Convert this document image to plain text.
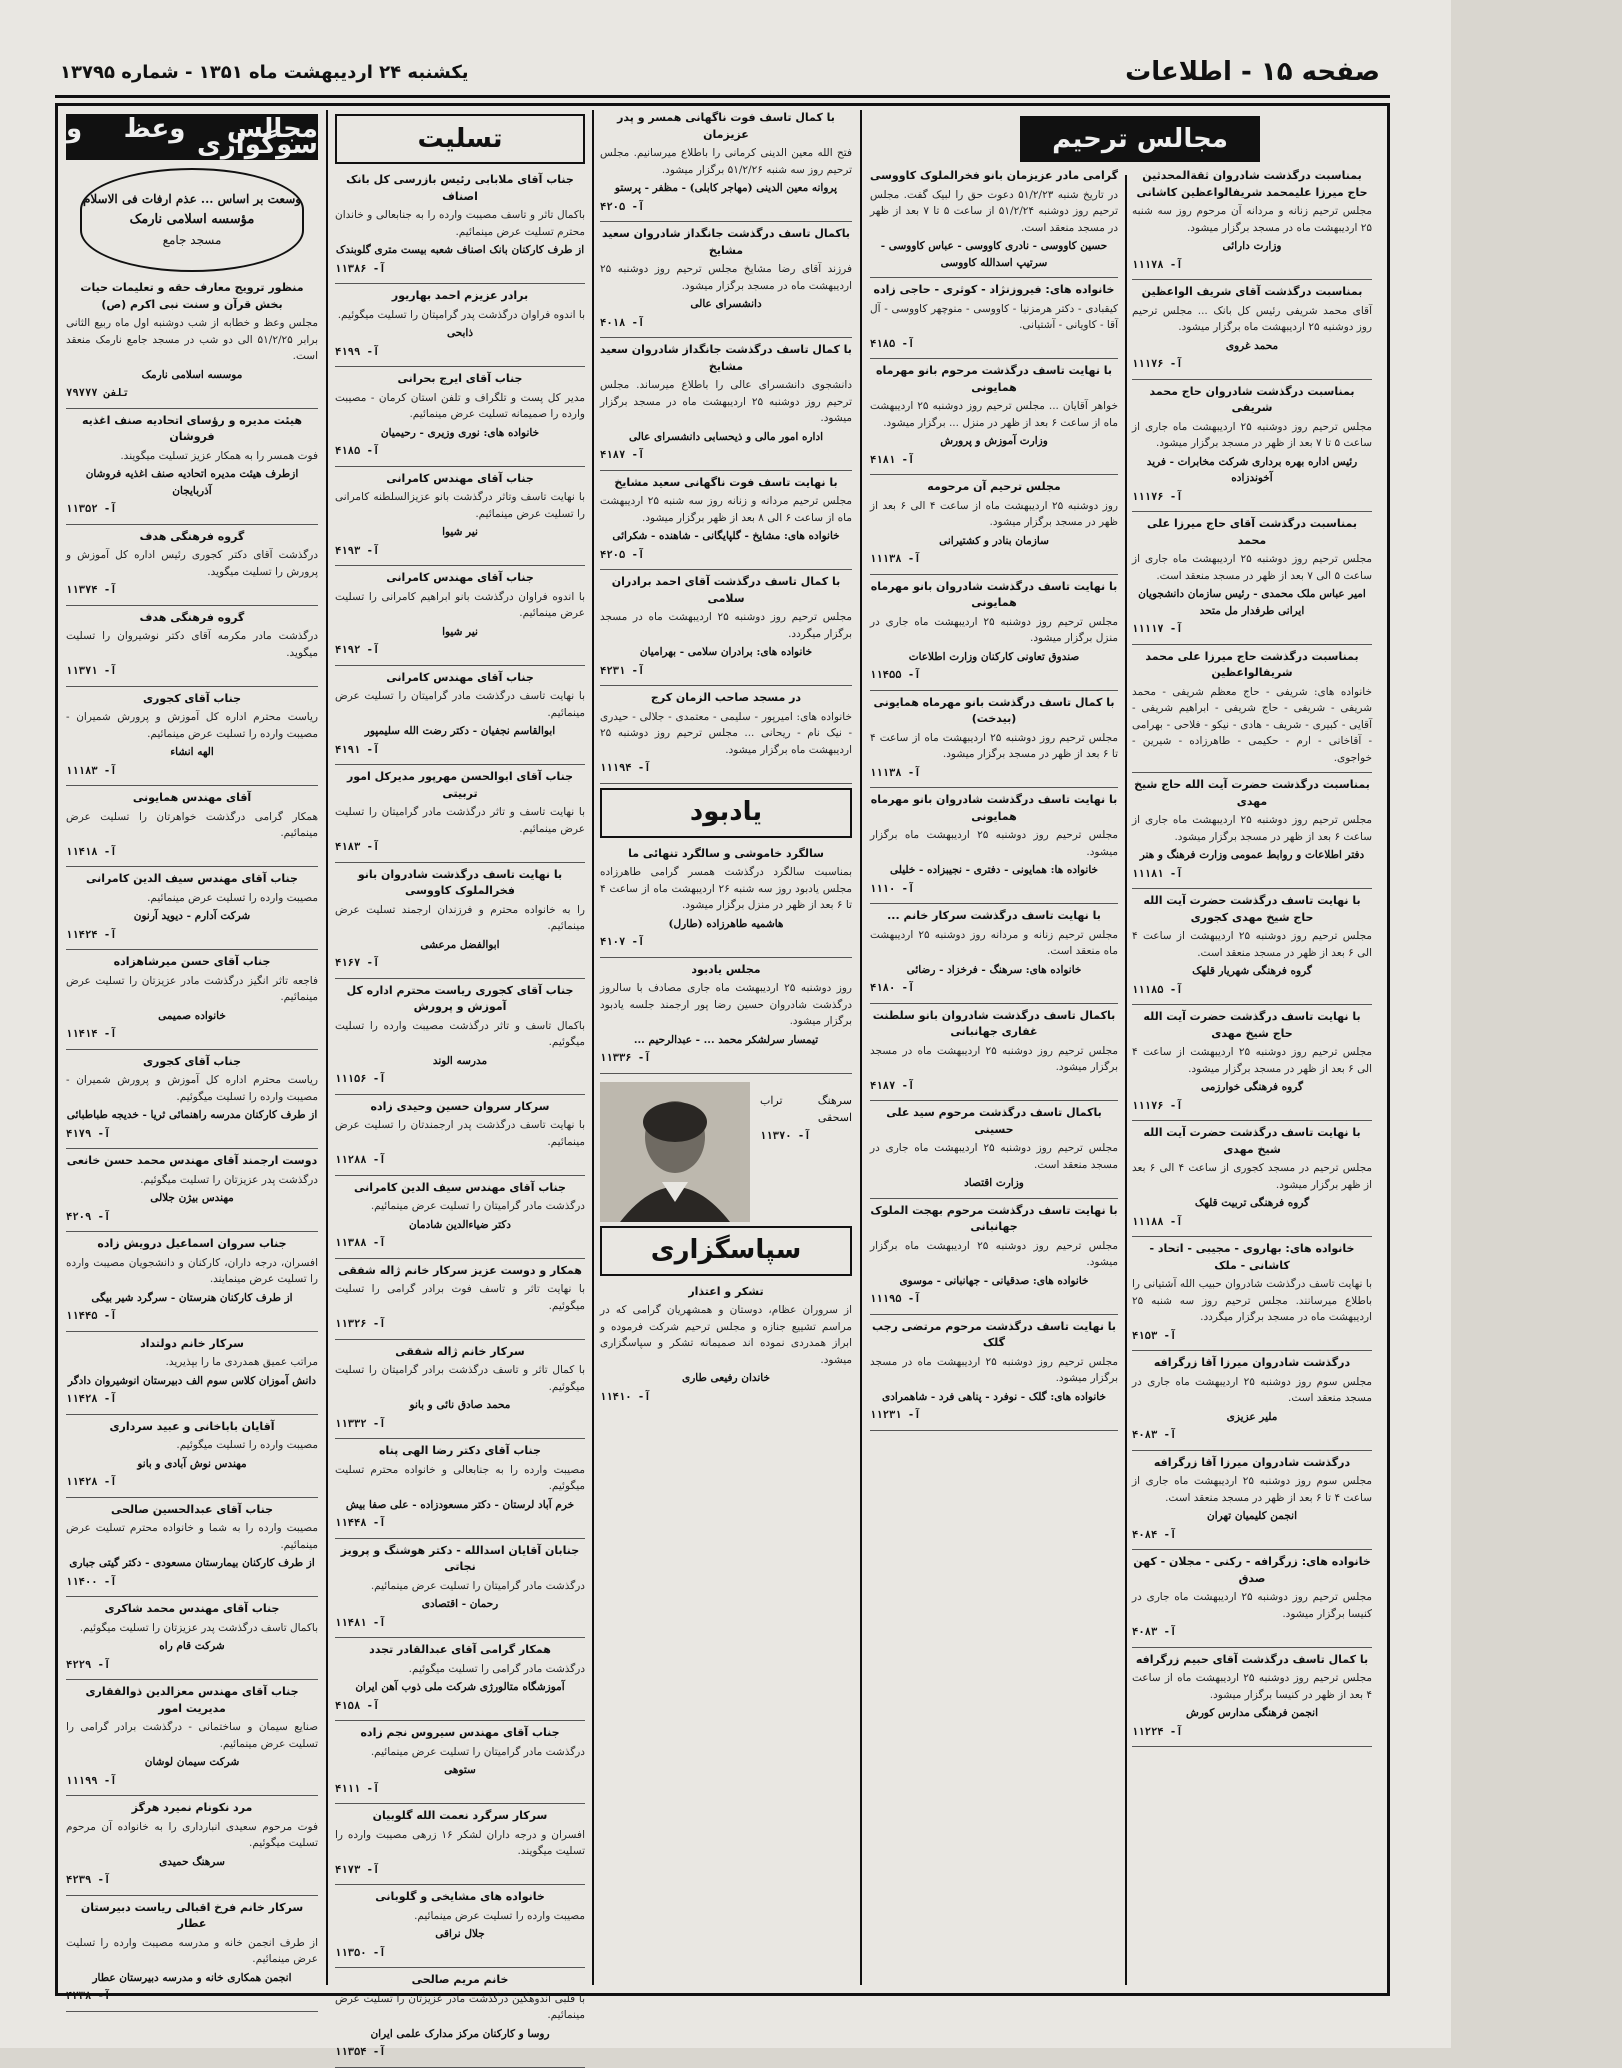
صفحه ۱۵ - اطلاعات
یکشنبه ۲۴ اردیبهشت ماه ۱۳۵۱ - شماره ۱۳۷۹۵
بمناسبت درگذشت شادروان ثقةالمحدثین حاج میرزا علیمحمد شریفالواعظین کاشانی
مجلس ترحیم زنانه و مردانه آن مرحوم روز سه شنبه ۲۵ اردیبهشت ماه در مسجد برگزار میشود.
وزارت دارائی
آ- ۱۱۱۷۸
بمناسبت درگذشت آقای شریف الواعظین
آقای محمد شریفی رئیس کل بانک ... مجلس ترحیم روز دوشنبه ۲۵ اردیبهشت ماه برگزار میشود.
محمد غروی
آ- ۱۱۱۷۶
بمناسبت درگذشت شادروان حاج محمد شریفی
مجلس ترحیم روز دوشنبه ۲۵ اردیبهشت ماه جاری از ساعت ۵ تا ۷ بعد از ظهر در مسجد برگزار میشود.
رئیس اداره بهره برداری شرکت مخابرات - فرید آخوندزاده
آ- ۱۱۱۷۶
بمناسبت درگذشت آقای حاج میرزا علی محمد
مجلس ترحیم روز دوشنبه ۲۵ اردیبهشت ماه جاری از ساعت ۵ الی ۷ بعد از ظهر در مسجد منعقد است.
امیر عباس ملک محمدی - رئیس سازمان دانشجویان ایرانی طرفدار مل متحد
آ- ۱۱۱۱۷
بمناسبت درگذشت حاج میرزا علی محمد شریفالواعظین
خانواده های: شریفی - حاج معظم شریفی - محمد شریفی - شریفی - حاج شریفی - ابراهیم شریفی - آقایی - کبیری - شریف - هادی - نیکو - فلاحی - بهرامی - آقاخانی - ارم - حکیمی - طاهرزاده - شیرین - خواجوی.
بمناسبت درگذشت حضرت آیت الله حاج شیخ مهدی
مجلس ترحیم روز دوشنبه ۲۵ اردیبهشت ماه جاری از ساعت ۶ بعد از ظهر در مسجد برگزار میشود.
دفتر اطلاعات و روابط عمومی وزارت فرهنگ و هنر
آ- ۱۱۱۸۱
با نهایت تاسف درگذشت حضرت آیت الله حاج شیخ مهدی کجوری
مجلس ترحیم روز دوشنبه ۲۵ اردیبهشت از ساعت ۴ الی ۶ بعد از ظهر در مسجد منعقد است.
گروه فرهنگی شهریار قلهک
آ- ۱۱۱۸۵
با نهایت تاسف درگذشت حضرت آیت الله حاج شیخ مهدی
مجلس ترحیم روز دوشنبه ۲۵ اردیبهشت از ساعت ۴ الی ۶ بعد از ظهر در مسجد برگزار میشود.
گروه فرهنگی خوارزمی
آ- ۱۱۱۷۶
با نهایت تاسف درگذشت حضرت آیت الله شیخ مهدی
مجلس ترحیم در مسجد کجوری از ساعت ۴ الی ۶ بعد از ظهر برگزار میشود.
گروه فرهنگی تربیت قلهک
آ- ۱۱۱۸۸
خانواده های: بهاروی - مجیبی - اتحاد - کاشانی - ملک
با نهایت تاسف درگذشت شادروان حبیب الله آشتیانی را باطلاع میرسانند. مجلس ترحیم روز سه شنبه ۲۵ اردیبهشت ماه در مسجد برگزار میگردد.
آ- ۴۱۵۳
درگذشت شادروان میرزا آقا زرگرافه
مجلس سوم روز دوشنبه ۲۵ اردیبهشت ماه جاری در مسجد منعقد است.
ملیر عزیزی
آ- ۴۰۸۳
درگذشت شادروان میرزا آقا زرگرافه
مجلس سوم روز دوشنبه ۲۵ اردیبهشت ماه جاری از ساعت ۴ تا ۶ بعد از ظهر در مسجد منعقد است.
انجمن کلیمیان تهران
آ- ۴۰۸۴
خانواده های: زرگرافه - رکنی - مجلان - کهن صدق
مجلس ترحیم روز دوشنبه ۲۵ اردیبهشت ماه جاری در کنیسا برگزار میشود.
آ- ۴۰۸۳
با کمال تاسف درگذشت آقای حبیم زرگرافه
مجلس ترحیم روز دوشنبه ۲۵ اردیبهشت ماه از ساعت ۴ بعد از ظهر در کنیسا برگزار میشود.
انجمن فرهنگی مدارس کورش
آ- ۱۱۲۲۴
گرامی مادر عزیزمان بانو فخرالملوک کاووسی
در تاریخ شنبه ۵۱/۲/۲۳ دعوت حق را لبیک گفت. مجلس ترحیم روز دوشنبه ۵۱/۲/۲۴ از ساعت ۵ تا ۷ بعد از ظهر در مسجد منعقد است.
حسین کاووسی - نادری کاووسی - عباس کاووسی - سرتیپ اسدالله کاووسی
خانواده های: فیروزنژاد - کوثری - حاجی زاده
کیقبادی - دکتر هرمزنیا - کاووسی - منوچهر کاووسی - آل آقا - کاویانی - آشتیانی.
آ- ۴۱۸۵
با نهایت تاسف درگذشت مرحوم بانو مهرماه همایونی
خواهر آقایان ... مجلس ترحیم روز دوشنبه ۲۵ اردیبهشت ماه از ساعت ۶ بعد از ظهر در منزل ... برگزار میشود.
وزارت آموزش و پرورش
آ- ۴۱۸۱
مجلس ترحیم آن مرحومه
روز دوشنبه ۲۵ اردیبهشت ماه از ساعت ۴ الی ۶ بعد از ظهر در مسجد برگزار میشود.
سازمان بنادر و کشتیرانی
آ- ۱۱۱۳۸
با نهایت تاسف درگذشت شادروان بانو مهرماه همایونی
مجلس ترحیم روز دوشنبه ۲۵ اردیبهشت ماه جاری در منزل برگزار میشود.
صندوق تعاونی کارکنان وزارت اطلاعات
آ- ۱۱۴۵۵
با کمال تاسف درگذشت بانو مهرماه همایونی (بیدخت)
مجلس ترحیم روز دوشنبه ۲۵ اردیبهشت ماه از ساعت ۴ تا ۶ بعد از ظهر در مسجد برگزار میشود.
آ- ۱۱۱۳۸
با نهایت تاسف درگذشت شادروان بانو مهرماه همایونی
مجلس ترحیم روز دوشنبه ۲۵ اردیبهشت ماه برگزار میشود.
خانواده ها: همایونی - دفتری - نجیبزاده - خلیلی
آ- ۱۱۱۰
با نهایت تاسف درگذشت سرکار خانم ...
مجلس ترحیم زنانه و مردانه روز دوشنبه ۲۵ اردیبهشت ماه منعقد است.
خانواده های: سرهنگ - فرخزاد - رضائی
آ- ۴۱۸۰
باکمال تاسف درگذشت شادروان بانو سلطنت غفاری جهانبانی
مجلس ترحیم روز دوشنبه ۲۵ اردیبهشت ماه در مسجد برگزار میشود.
آ- ۴۱۸۷
باکمال تاسف درگذشت مرحوم سید علی حسینی
مجلس ترحیم روز دوشنبه ۲۵ اردیبهشت ماه جاری در مسجد منعقد است.
وزارت اقتصاد
با نهایت تاسف درگذشت مرحوم بهجت الملوک جهانبانی
مجلس ترحیم روز دوشنبه ۲۵ اردیبهشت ماه برگزار میشود.
خانواده های: صدقیانی - جهانبانی - موسوی
آ- ۱۱۱۹۵
با نهایت تاسف درگذشت مرحوم مرتضی رجب گلک
مجلس ترحیم روز دوشنبه ۲۵ اردیبهشت ماه در مسجد برگزار میشود.
خانواده های: گلک - نوفرد - پناهی فرد - شاهمرادی
آ- ۱۱۲۳۱
مجالس ترحیم
با کمال تاسف فوت ناگهانی همسر و پدر عزیزمان
فتح الله معین الدینی کرمانی را باطلاع میرسانیم. مجلس ترحیم روز سه شنبه ۵۱/۲/۲۶ برگزار میشود.
پروانه معین الدینی (مهاجر کابلی) - مظفر - پرستو
آ- ۴۲۰۵
باکمال تاسف درگذشت جانگداز شادروان سعید مشایخ
فرزند آقای رضا مشایخ مجلس ترحیم روز دوشنبه ۲۵ اردیبهشت ماه در مسجد برگزار میشود.
دانشسرای عالی
آ- ۴۰۱۸
با کمال تاسف درگذشت جانگداز شادروان سعید مشایخ
دانشجوی دانشسرای عالی را باطلاع میرساند. مجلس ترحیم روز دوشنبه ۲۵ اردیبهشت ماه در مسجد برگزار میشود.
اداره امور مالی و ذیحسابی دانشسرای عالی
آ- ۴۱۸۷
با نهایت تاسف فوت ناگهانی سعید مشایخ
مجلس ترحیم مردانه و زنانه روز سه شنبه ۲۵ اردیبهشت ماه از ساعت ۶ الی ۸ بعد از ظهر برگزار میشود.
خانواده های: مشایخ - گلپایگانی - شاهنده - شکرائی
آ- ۴۲۰۵
با کمال تاسف درگذشت آقای احمد برادران سلامی
مجلس ترحیم روز دوشنبه ۲۵ اردیبهشت ماه در مسجد برگزار میگردد.
خانواده های: برادران سلامی - بهرامیان
آ- ۴۲۳۱
در مسجد صاحب الزمان کرج
خانواده های: امیرپور - سلیمی - معتمدی - جلالی - حیدری - نیک نام - ریحانی ... مجلس ترحیم روز دوشنبه ۲۵ اردیبهشت ماه برگزار میشود.
آ- ۱۱۱۹۴
یادبود
سالگرد خاموشی و سالگرد تنهائی ما
بمناسبت سالگرد درگذشت همسر گرامی طاهرزاده مجلس یادبود روز سه شنبه ۲۶ اردیبهشت ماه از ساعت ۴ تا ۶ بعد از ظهر در منزل برگزار میشود.
هاشمیه طاهرزاده (طارل)
آ- ۴۱۰۷
مجلس یادبود
روز دوشنبه ۲۵ اردیبهشت ماه جاری مصادف با سالروز درگذشت شادروان حسین رضا پور ارجمند جلسه یادبود برگزار میشود.
تیمسار سرلشکر محمد ... - عبدالرحیم ...
آ- ۱۱۳۳۶

سرهنگ تراب اسحقی
آ- ۱۱۳۷۰
سپاسگزاری
تشکر و اعتذار
از سروران عظام، دوستان و همشهریان گرامی که در مراسم تشییع جنازه و مجلس ترحیم شرکت فرموده و ابراز همدردی نموده اند صمیمانه تشکر و سپاسگزاری میشود.
خاندان رفیعی طاری
آ- ۱۱۴۱۰
تسلیت
جناب آقای ملابابی رئیس بازرسی کل بانک اصناف
باکمال تاثر و تاسف مصیبت وارده را به جنابعالی و خاندان محترم تسلیت عرض مینمائیم.
از طرف کارکنان بانک اصناف شعبه بیست متری گلوبندک
آ- ۱۱۳۸۶
برادر عزیزم احمد بهاریور
با اندوه فراوان درگذشت پدر گرامیتان را تسلیت میگوئیم.
ذابحی
آ- ۴۱۹۹
جناب آقای ایرج بحرانی
مدیر کل پست و تلگراف و تلفن استان کرمان - مصیبت وارده را صمیمانه تسلیت عرض مینمائیم.
خانواده های: نوری وزیری - رحیمیان
آ- ۴۱۸۵
جناب آقای مهندس کامرانی
با نهایت تاسف وتاثر درگذشت بانو عزیزالسلطنه کامرانی را تسلیت عرض مینمائیم.
نیر شیوا
آ- ۴۱۹۳
جناب آقای مهندس کامرانی
با اندوه فراوان درگذشت بانو ابراهیم کامرانی را تسلیت عرض مینمائیم.
نیر شیوا
آ- ۴۱۹۲
جناب آقای مهندس کامرانی
با نهایت تاسف درگذشت مادر گرامیتان را تسلیت عرض مینمائیم.
ابوالقاسم نجفیان - دکتر رضت الله سلیمپور
آ- ۴۱۹۱
جناب آقای ابوالحسن مهرپور مدیرکل امور تربیتی
با نهایت تاسف و تاثر درگذشت مادر گرامیتان را تسلیت عرض مینمائیم.
آ- ۴۱۸۳
با نهایت تاسف درگذشت شادروان بانو فخرالملوک کاووسی
را به خانواده محترم و فرزندان ارجمند تسلیت عرض مینمائیم.
ابوالفضل مرعشی
آ- ۴۱۶۷
جناب آقای کجوری ریاست محترم اداره کل آموزش و پرورش
باکمال تاسف و تاثر درگذشت مصیبت وارده را تسلیت میگوئیم.
مدرسه الوند
آ- ۱۱۱۵۶
سرکار سروان حسین وحیدی زاده
با نهایت تاسف درگذشت پدر ارجمندتان را تسلیت عرض مینمائیم.
آ- ۱۱۲۸۸
جناب آقای مهندس سیف الدین کامرانی
درگذشت مادر گرامیتان را تسلیت عرض مینمائیم.
دکتر ضیاءالدین شادمان
آ- ۱۱۳۸۸
همکار و دوست عزیز سرکار خانم ژاله شفقی
با نهایت تاثر و تاسف فوت برادر گرامی را تسلیت میگوئیم.
آ- ۱۱۳۲۶
سرکار خانم ژاله شفقی
با کمال تاثر و تاسف درگذشت برادر گرامیتان را تسلیت میگوئیم.
محمد صادق نائی و بانو
آ- ۱۱۳۳۲
جناب آقای دکتر رضا الهی پناه
مصیبت وارده را به جنابعالی و خانواده محترم تسلیت میگوئیم.
خرم آباد لرستان - دکتر مسعودزاده - علی صفا بیش
آ- ۱۱۴۴۸
جنابان آقایان اسدالله - دکتر هوشنگ و پرویز نجاتی
درگذشت مادر گرامیتان را تسلیت عرض مینمائیم.
رحمان - اقتصادی
آ- ۱۱۴۸۱
همکار گرامی آقای عبدالقادر تجدد
درگذشت مادر گرامی را تسلیت میگوئیم.
آموزشگاه متالورژی شرکت ملی ذوب آهن ایران
آ- ۴۱۵۸
جناب آقای مهندس سیروس نجم زاده
درگذشت مادر گرامیتان را تسلیت عرض مینمائیم.
ستوهی
آ- ۴۱۱۱
سرکار سرگرد نعمت الله گلوبیان
افسران و درجه داران لشکر ۱۶ زرهی مصیبت وارده را تسلیت میگویند.
آ- ۴۱۷۳
خانواده های مشایخی و گلوبانی
مصیبت وارده را تسلیت عرض مینمائیم.
جلال نراقی
آ- ۱۱۳۵۰
خانم مریم صالحی
با قلبی اندوهگین درگذشت مادر عزیزتان را تسلیت عرض مینمائیم.
روسا و کارکنان مرکز مدارک علمی ایران
آ- ۱۱۳۵۴
مجالس وعظ و سوگواری
وسعت بر اساس ... عذم ارفات فی الاسلام
مؤسسه اسلامی نارمک
مسجد جامع
منظور ترویج معارف حقه و تعلیمات حیات بخش قرآن و سنت نبی اکرم (ص)
مجلس وعظ و خطابه از شب دوشنبه اول ماه ربیع الثانی برابر ۵۱/۲/۲۵ الی دو شب در مسجد جامع نارمک منعقد است.
موسسه اسلامی نارمک
تلفن ۷۹۷۷۷
هیئت مدیره و رؤسای اتحادیه صنف اغذیه فروشان
فوت همسر را به همکار عزیز تسلیت میگویند.
ازطرف هیئت مدیره اتحادیه صنف اغذیه فروشان آذربایجان
آ- ۱۱۳۵۲
گروه فرهنگی هدف
درگذشت آقای دکتر کجوری رئیس اداره کل آموزش و پرورش را تسلیت میگوید.
آ- ۱۱۳۷۴
گروه فرهنگی هدف
درگذشت مادر مکرمه آقای دکتر نوشیروان را تسلیت میگوید.
آ- ۱۱۳۷۱
جناب آقای کجوری
ریاست محترم اداره کل آموزش و پرورش شمیران - مصیبت وارده را تسلیت عرض مینمائیم.
الهه انشاء
آ- ۱۱۱۸۳
آقای مهندس همایونی
همکار گرامی درگذشت خواهرتان را تسلیت عرض مینمائیم.
آ- ۱۱۴۱۸
جناب آقای مهندس سیف الدین کامرانی
مصیبت وارده را تسلیت عرض مینمائیم.
شرکت آدارم - دیوید آرنون
آ- ۱۱۴۲۴
جناب آقای حسن میرشاهزاده
فاجعه تاثر انگیز درگذشت مادر عزیزتان را تسلیت عرض مینمائیم.
خانواده صمیمی
آ- ۱۱۴۱۴
جناب آقای کجوری
ریاست محترم اداره کل آموزش و پرورش شمیران - مصیبت وارده را تسلیت میگوئیم.
از طرف کارکنان مدرسه راهنمائی ثریا - خدیجه طباطبائی
آ- ۴۱۷۹
دوست ارجمند آقای مهندس محمد حسن خانعی
درگذشت پدر عزیزتان را تسلیت میگوئیم.
مهندس بیژن جلالی
آ- ۴۲۰۹
جناب سروان اسماعیل درویش زاده
افسران، درجه داران، کارکنان و دانشجویان مصیبت وارده را تسلیت عرض مینمایند.
از طرف کارکنان هنرستان - سرگرد شیر بیگی
آ- ۱۱۴۴۵
سرکار خانم دولتداد
مراتب عمیق همدردی ما را بپذیرید.
دانش آموزان کلاس سوم الف دبیرستان انوشیروان دادگر
آ- ۱۱۴۲۸
آقایان باباخانی و عبید سرداری
مصیبت وارده را تسلیت میگوئیم.
مهندس نوش آبادی و بانو
آ- ۱۱۴۲۸
جناب آقای عبدالحسین صالحی
مصیبت وارده را به شما و خانواده محترم تسلیت عرض مینمائیم.
از طرف کارکنان بیمارستان مسعودی - دکتر گیتی جباری
آ- ۱۱۴۰۰
جناب آقای مهندس محمد شاکری
باکمال تاسف درگذشت پدر عزیزتان را تسلیت میگوئیم.
شرکت قام راه
آ- ۴۲۲۹
جناب آقای مهندس معزالدین ذوالفقاری مدیریت امور
صنایع سیمان و ساختمانی - درگذشت برادر گرامی را تسلیت عرض مینمائیم.
شرکت سیمان لوشان
آ- ۱۱۱۹۹
مرد نکونام نمیرد هرگز
فوت مرحوم سعیدی انبارداری را به خانواده آن مرحوم تسلیت میگوئیم.
سرهنگ حمیدی
آ- ۴۲۳۹
سرکار خانم فرخ اقبالی ریاست دبیرستان عطار
از طرف انجمن خانه و مدرسه مصیبت وارده را تسلیت عرض مینمائیم.
انجمن همکاری خانه و مدرسه دبیرستان عطار
آ- ۴۲۳۸
